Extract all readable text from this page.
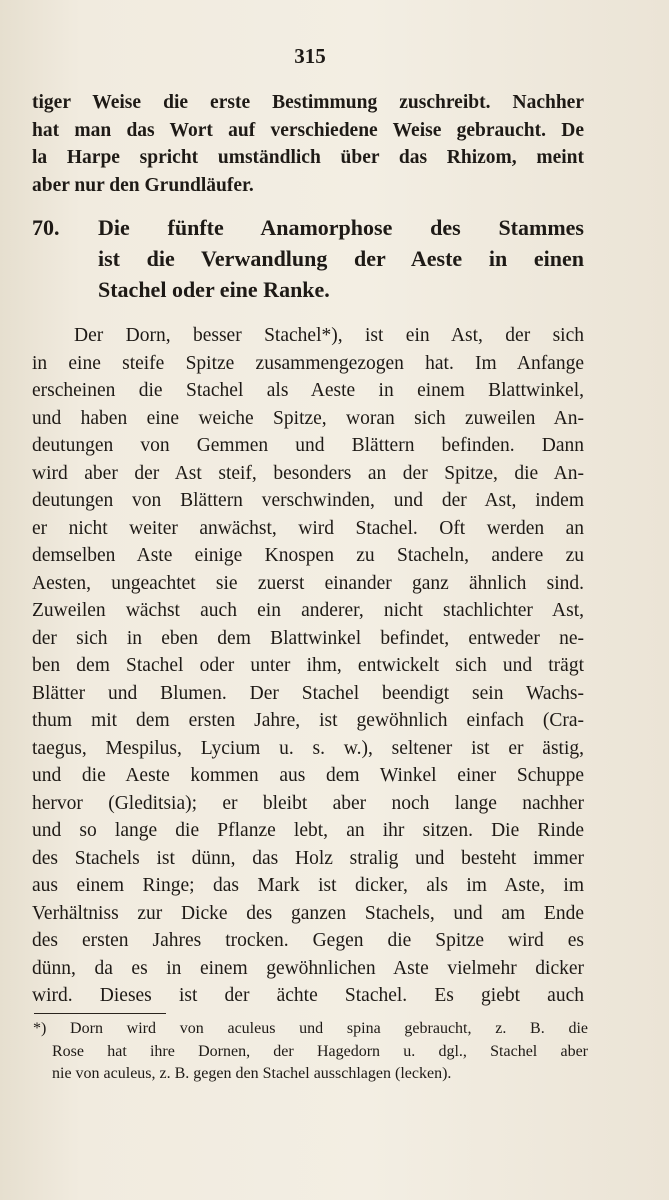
315
tiger Weise die erste Bestimmung zuschreibt. Nachher
hat man das Wort auf verschiedene Weise gebraucht. De
la Harpe spricht umständlich über das Rhizom, meint
aber nur den Grundläufer.
70. Die fünfte Anamorphose des Stammes
ist die Verwandlung der Aeste in einen
Stachel oder eine Ranke.
Der Dorn, besser Stachel*), ist ein Ast, der sich
in eine steife Spitze zusammengezogen hat. Im Anfange
erscheinen die Stachel als Aeste in einem Blattwinkel,
und haben eine weiche Spitze, woran sich zuweilen An-
deutungen von Gemmen und Blättern befinden. Dann
wird aber der Ast steif, besonders an der Spitze, die An-
deutungen von Blättern verschwinden, und der Ast, indem
er nicht weiter anwächst, wird Stachel. Oft werden an
demselben Aste einige Knospen zu Stacheln, andere zu
Aesten, ungeachtet sie zuerst einander ganz ähnlich sind.
Zuweilen wächst auch ein anderer, nicht stachlichter Ast,
der sich in eben dem Blattwinkel befindet, entweder ne-
ben dem Stachel oder unter ihm, entwickelt sich und trägt
Blätter und Blumen. Der Stachel beendigt sein Wachs-
thum mit dem ersten Jahre, ist gewöhnlich einfach (Cra-
taegus, Mespilus, Lycium u. s. w.), seltener ist er ästig,
und die Aeste kommen aus dem Winkel einer Schuppe
hervor (Gleditsia); er bleibt aber noch lange nachher
und so lange die Pflanze lebt, an ihr sitzen. Die Rinde
des Stachels ist dünn, das Holz stralig und besteht immer
aus einem Ringe; das Mark ist dicker, als im Aste, im
Verhältniss zur Dicke des ganzen Stachels, und am Ende
des ersten Jahres trocken. Gegen die Spitze wird es
dünn, da es in einem gewöhnlichen Aste vielmehr dicker
wird. Dieses ist der ächte Stachel. Es giebt auch
*) Dorn wird von aculeus und spina gebraucht, z. B. die
Rose hat ihre Dornen, der Hagedorn u. dgl., Stachel aber
nie von aculeus, z. B. gegen den Stachel ausschlagen (lecken).
